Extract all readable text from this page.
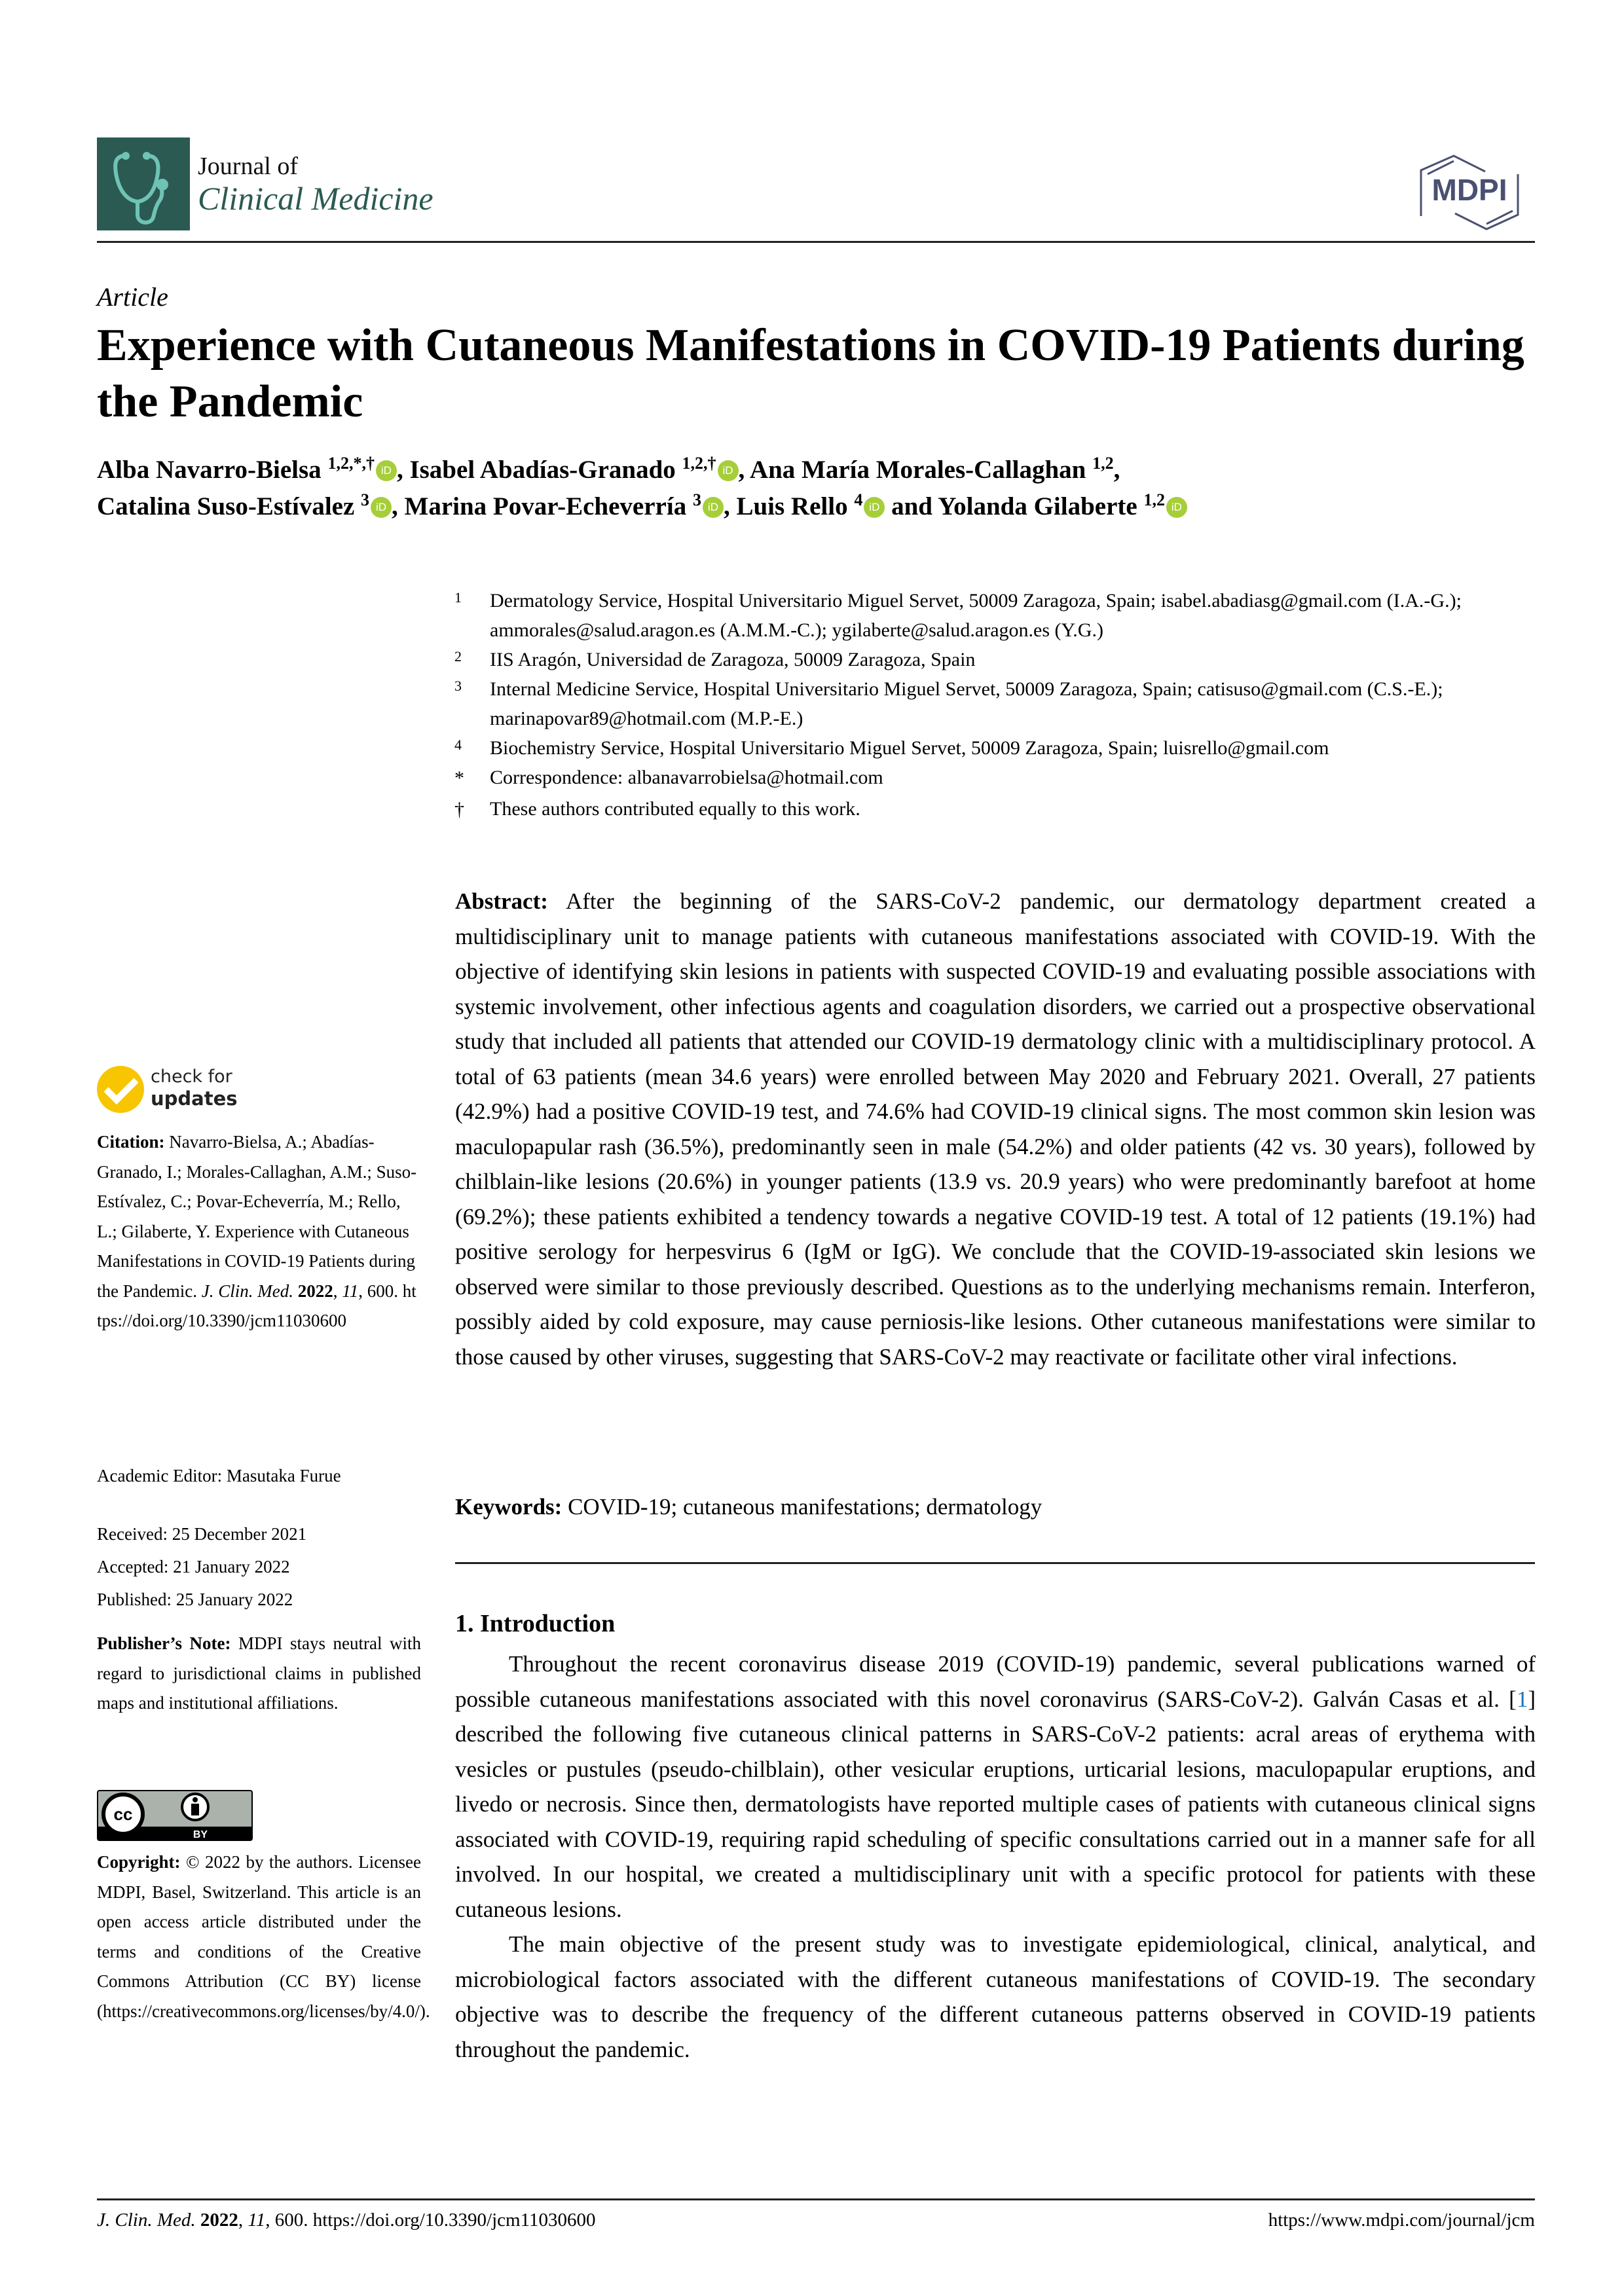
Journal of
Clinical Medicine	MDPI
Article
Experience with Cutaneous Manifestations in COVID-19 Patients during the Pandemic
Alba Navarro-Bielsa $^{1,2,*,\dagger}$ iD , Isabel Abadías-Granado $^{1,2,\dagger}$ iD , Ana María Morales-Callaghan $^{1,2}$,
Catalina Suso-Estívalez $^3$ iD , Marina Povar-Echeverría $^3$ iD , Luis Rello $^4$ iD and Yolanda Gilaberte $^{1,2}$ iD
1	Dermatology Service, Hospital Universitario Miguel Servet, 50009 Zaragoza, Spain; isabel.abadiasg@gmail.com (I.A.-G.); ammorales@salud.aragon.es (A.M.M.-C.); ygilaberte@salud.aragon.es (Y.G.)
2	IIS Aragón, Universidad de Zaragoza, 50009 Zaragoza, Spain
3	Internal Medicine Service, Hospital Universitario Miguel Servet, 50009 Zaragoza, Spain; catisuso@gmail.com (C.S.-E.); marinapovar89@hotmail.com (M.P.-E.)
4	Biochemistry Service, Hospital Universitario Miguel Servet, 50009 Zaragoza, Spain; luisrello@gmail.com
*	Correspondence: albanavarrobielsa@hotmail.com
†	These authors contributed equally to this work.
check for
updates
Citation: Navarro-Bielsa, A.; Abadías-Granado, I.; Morales-Callaghan, A.M.; Suso-Estívalez, C.; Povar-Echeverría, M.; Rello, L.; Gilaberte, Y. Experience with Cutaneous Manifestations in COVID-19 Patients during the Pandemic. J. Clin. Med. 2022, 11, 600. https://doi.org/10.3390/jcm11030600
Academic Editor: Masutaka Furue
Received: 25 December 2021
Accepted: 21 January 2022
Published: 25 January 2022
Publisher’s Note: MDPI stays neutral with regard to jurisdictional claims in published maps and institutional affiliations.
cc
BY
Copyright: © 2022 by the authors. Licensee MDPI, Basel, Switzerland. This article is an open access article distributed under the terms and conditions of the Creative Commons Attribution (CC BY) license (https://creativecommons.org/licenses/by/4.0/).
Abstract: After the beginning of the SARS-CoV-2 pandemic, our dermatology department created a multidisciplinary unit to manage patients with cutaneous manifestations associated with COVID-19. With the objective of identifying skin lesions in patients with suspected COVID-19 and evaluating possible associations with systemic involvement, other infectious agents and coagulation disorders, we carried out a prospective observational study that included all patients that attended our COVID-19 dermatology clinic with a multidisciplinary protocol. A total of 63 patients (mean 34.6 years) were enrolled between May 2020 and February 2021. Overall, 27 patients (42.9%) had a positive COVID-19 test, and 74.6% had COVID-19 clinical signs. The most common skin lesion was maculopapular rash (36.5%), predominantly seen in male (54.2%) and older patients (42 vs. 30 years), followed by chilblain-like lesions (20.6%) in younger patients (13.9 vs. 20.9 years) who were predominantly barefoot at home (69.2%); these patients exhibited a tendency towards a negative COVID-19 test. A total of 12 patients (19.1%) had positive serology for herpesvirus 6 (IgM or IgG). We conclude that the COVID-19-associated skin lesions we observed were similar to those previously described. Questions as to the underlying mechanisms remain. Interferon, possibly aided by cold exposure, may cause perniosis-like lesions. Other cutaneous manifestations were similar to those caused by other viruses, suggesting that SARS-CoV-2 may reactivate or facilitate other viral infections.
Keywords: COVID-19; cutaneous manifestations; dermatology
1. Introduction

Throughout the recent coronavirus disease 2019 (COVID-19) pandemic, several publications warned of possible cutaneous manifestations associated with this novel coronavirus (SARS-CoV-2). Galván Casas et al. [1] described the following five cutaneous clinical patterns in SARS-CoV-2 patients: acral areas of erythema with vesicles or pustules (pseudo-chilblain), other vesicular eruptions, urticarial lesions, maculopapular eruptions, and livedo or necrosis. Since then, dermatologists have reported multiple cases of patients with cutaneous clinical signs associated with COVID-19, requiring rapid scheduling of specific consultations carried out in a manner safe for all involved. In our hospital, we created a multidisciplinary unit with a specific protocol for patients with these cutaneous lesions.

The main objective of the present study was to investigate epidemiological, clinical, analytical, and microbiological factors associated with the different cutaneous manifestations of COVID-19. The secondary objective was to describe the frequency of the different cutaneous patterns observed in COVID-19 patients throughout the pandemic.

J. Clin. Med. 2022, 11, 600. https://doi.org/10.3390/jcm11030600	https://www.mdpi.com/journal/jcm
